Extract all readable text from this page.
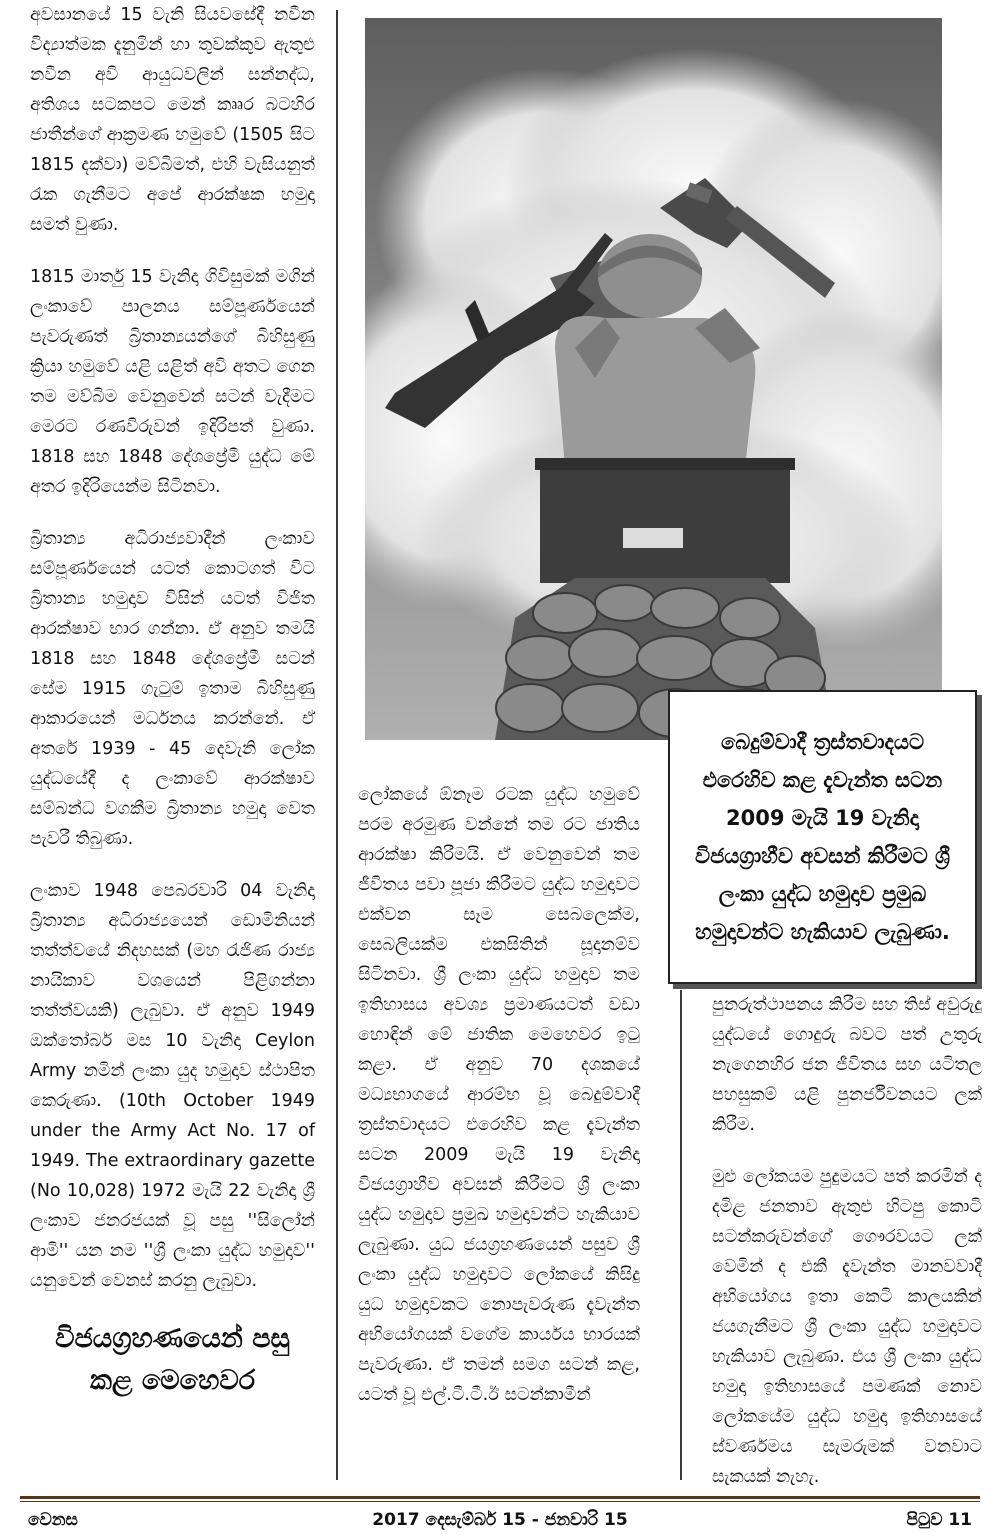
අවසානයේ 15 වැනි සියවසේදී නවීන විද්‍යාත්මක දැනුමින් හා තුවක්කුව ඇතුළු නවීන අවි ආයුධවලින් සන්නද්ධ, අතිශය සටකපට මෙන් කෲර බටහිර ජාතීන්ගේ ආක්‍රමණ හමුවේ (1505 සිට 1815 දක්වා) මව්බිමත්, එහි වැසියනුත් රැක ගැනීමට අපේ ආරක්ෂක හමුදා සමත් වුණා.

1815 මාර්තු 15 වැනිදා ගිවිසුමක් මගින් ලංකාවේ පාලනය සම්පූර්ණයෙන් පැවරුණත් බ්‍රිතාන්‍යයන්ගේ බිහිසුණු ක්‍රියා හමුවේ යළි යළිත් අවි අතට ගෙන තම මව්බිම වෙනුවෙන් සටන් වැදීමට මෙරට රණවිරුවන් ඉදිරිපත් වුණා. 1818 සහ 1848 දේශප්‍රේමී යුද්ධ මේ අතර ඉදිරියෙන්ම සිටිනවා.

බ්‍රිතාන්‍ය අධිරාජ්‍යවාදීන් ලංකාව සම්පූර්ණයෙන් යටත් කොටගත් විට බ්‍රිතාන්‍ය හමුදාව විසින් යටත් විජිත ආරක්ෂාව භාර ගන්නා. ඒ අනුව තමයි 1818 සහ 1848 දේශප්‍රේමී සටන් සේම 1915 ගැටුම් ඉතාම බිහිසුණු ආකාරයෙන් මර්ධනය කරන්නේ. ඒ අතරේ 1939 - 45 දෙවැනි ලෝක යුද්ධයේදී ද ලංකාවේ ආරක්ෂාව සම්බන්ධ වගකීම බ්‍රිතාන්‍ය හමුදා වෙත පැවරී තිබුණා.

ලංකාව 1948 පෙබරවාරි 04 වැනිදා බ්‍රිතාන්‍ය අධිරාජ්‍යයෙන් ඩොමිනියන් තත්ත්වයේ නිදහසක් (මහ රැජිණ රාජ්‍ය නායිකාව වශයෙන් පිළිගන්නා තත්ත්වයකි) ලැබුවා. ඒ අනුව 1949 ඔක්තෝබර් මස 10 වැනිදා Ceylon Army නමින් ලංකා යුද හමුදාව ස්ථාපිත කෙරුණා. (10th October 1949 under the Army Act No. 17 of 1949. The extraordinary gazette (No 10,028) 1972 මැයි 22 වැනිදා ශ්‍රී ලංකාව ජනරජයක් වූ පසු ''සිලෝන් ආමි'' යන නම ''ශ්‍රී ලංකා යුද්ධ හමුදාව'' යනුවෙන් වෙනස් කරනු ලැබුවා.

විජයග්‍රහණයෙන් පසු කළ මෙහෙවර

බෙදුම්වාදී ත්‍රස්තවාදයට එරෙහිව කළ දැවැන්ත සටන 2009 මැයි 19 වැනිදා විජයග්‍රාහීව අවසන් කිරීමට ශ්‍රී ලංකා යුද්ධ හමුදාව ප්‍රමුඛ හමුදාවන්ට හැකියාව ලැබුණා.

ලෝකයේ ඕනෑම රටක යුද්ධ හමුවේ පරම අරමුණ වන්නේ තම රට ජාතිය ආරක්ෂා කිරීමයි. ඒ වෙනුවෙන් තම ජීවිතය පවා පූජා කිරීමට යුද්ධ හමුදාවට එක්වන සෑම සෙබලෙක්ම, සෙබලියක්ම එකසිතින් සූදානම්ව සිටිනවා. ශ්‍රී ලංකා යුද්ධ හමුදාව තම ඉතිහාසය අවශ්‍ය ප්‍රමාණයටත් වඩා හොඳින් මේ ජාතික මෙහෙවර ඉටු කළා. ඒ අනුව 70 දශකයේ මධ්‍යභාගයේ ආරම්භ වූ බෙදුම්වාදී ත්‍රස්තවාදයට එරෙහිව කළ දැවැන්ත සටන 2009 මැයි 19 වැනිදා විජයග්‍රාහීව අවසන් කිරීමට ශ්‍රී ලංකා යුද්ධ හමුදාව ප්‍රමුඛ හමුදාවන්ට හැකියාව ලැබුණා. යුධ ජයග්‍රහණයෙන් පසුව ශ්‍රී ලංකා යුද්ධ හමුදාවට ලෝකයේ කිසිදු යුධ හමුදාවකට නොපැවරුණ දැවැන්ත අභියෝගයක් වගේම කාර්යය භාරයක් පැවරුණා. ඒ තමන් සමග සටන් කළ, යටත් වූ එල්.ටී.ටී.ඊ සටන්කාමීන්

පුනරුත්ථාපනය කිරීම සහ තිස් අවුරුදු යුද්ධයේ ගොදුරු බවට පත් උතුරු නැගෙනහිර ජන ජීවිතය සහ යටිතල පහසුකම් යළි පුනර්ජීවනයට ලක් කිරීම.

මුළු ලෝකයම පුදුමයට පත් කරමින් ද දමිළ ජනතාව ඇතුළු හිටපු කොටි සටන්කරුවන්ගේ ගෞරවයට ලක් වෙමින් ද එකී දැවැන්ත මානවවාදී අභියෝගය ඉතා කෙටි කාලයකින් ජයගැනීමට ශ්‍රී ලංකා යුද්ධ හමුදාවට හැකියාව ලැබුණා. එය ශ්‍රී ලංකා යුද්ධ හමුදා ඉතිහාසයේ පමණක් නොව ලෝකයේම යුද්ධ හමුදා ඉතිහාසයේ ස්වර්ණමය සැමරුමක් වනවාට සැකයක් නැහැ.

වෙනස	2017 දෙසැම්බර් 15 - ජනවාරි 15	පිටුව 11
